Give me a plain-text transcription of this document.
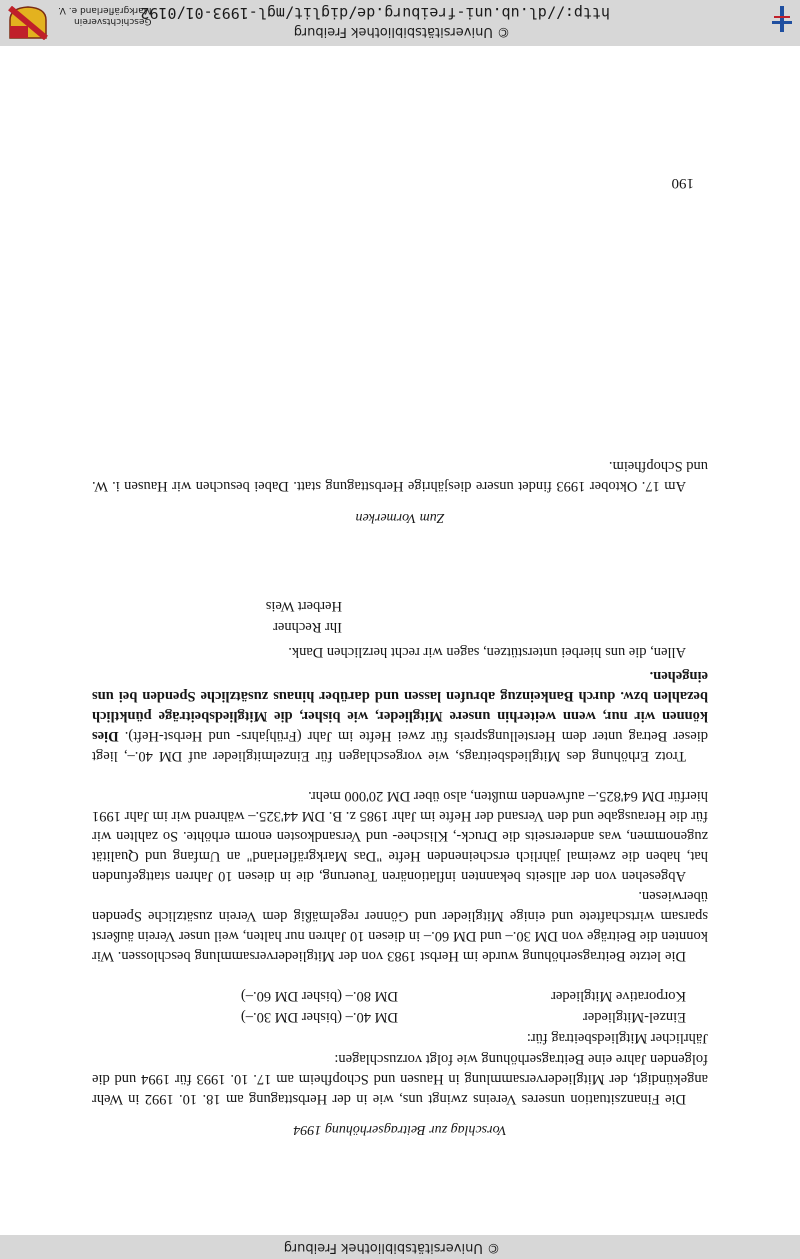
© Universitätsbibliothek Freiburg
Vorschlag zur Beitragserhöhung 1994

Die Finanzsituation unseres Vereins zwingt uns, wie in der Herbsttagung am 18. 10. 1992 in Wehr angekündigt, der Mitgliederversammlung in Hausen und Schopfheim am 17. 10. 1993 für 1994 und die folgenden Jahre eine Beitragserhöhung wie folgt vorzuschlagen:

Jährlicher Mitgliedsbeitrag für:
Einzel-Mitglieder
DM 40.– (bisher DM 30.–)
Korporative Mitglieder
DM 80.– (bisher DM 60.–)

Die letzte Beitragserhöhung wurde im Herbst 1983 von der Mitgliederversammlung beschlossen. Wir konnten die Beiträge von DM 30.– und DM 60.– in diesen 10 Jahren nur halten, weil unser Verein äußerst sparsam wirtschaftete und einige Mitglieder und Gönner regelmäßig dem Verein zusätzliche Spenden überwiesen.

Abgesehen von der allseits bekannten inflationären Teuerung, die in diesen 10 Jahren stattgefunden hat, haben die zweimal jährlich erscheinenden Hefte "Das Markgräflerland" an Umfang und Qualität zugenommen, was andererseits die Druck-, Klischee- und Versandkosten enorm erhöhte. So zahlten wir für die Herausgabe und den Versand der Hefte im Jahr 1985 z. B. DM 44'325.– während wir im Jahr 1991 hierfür DM 64'825.– aufwenden mußten, also über DM 20'000 mehr.

Trotz Erhöhung des Mitgliedsbeitrags, wie vorgeschlagen für Einzelmitglieder auf DM 40.–, liegt dieser Betrag unter dem Herstellungspreis für zwei Hefte im Jahr (Frühjahrs- und Herbst-Heft). Dies können wir nur, wenn weiterhin unsere Mitglieder, wie bisher, die Mitgliedsbeiträge pünktlich bezahlen bzw. durch Bankeinzug abrufen lassen und darüber hinaus zusätzliche Spenden bei uns eingehen.

Allen, die uns hierbei unterstützen, sagen wir recht herzlichen Dank.

Ihr Rechner
Herbert Weis
Zum Vormerken

Am 17. Oktober 1993 findet unsere diesjährige Herbsttagung statt. Dabei besuchen wir Hausen i. W. und Schopfheim.

190
http://dl.ub.uni-freiburg.de/diglit/mgl-1993-01/0192
© Universitätsbibliothek Freiburg
Geschichtsverein
Markgräflerland e. V.
